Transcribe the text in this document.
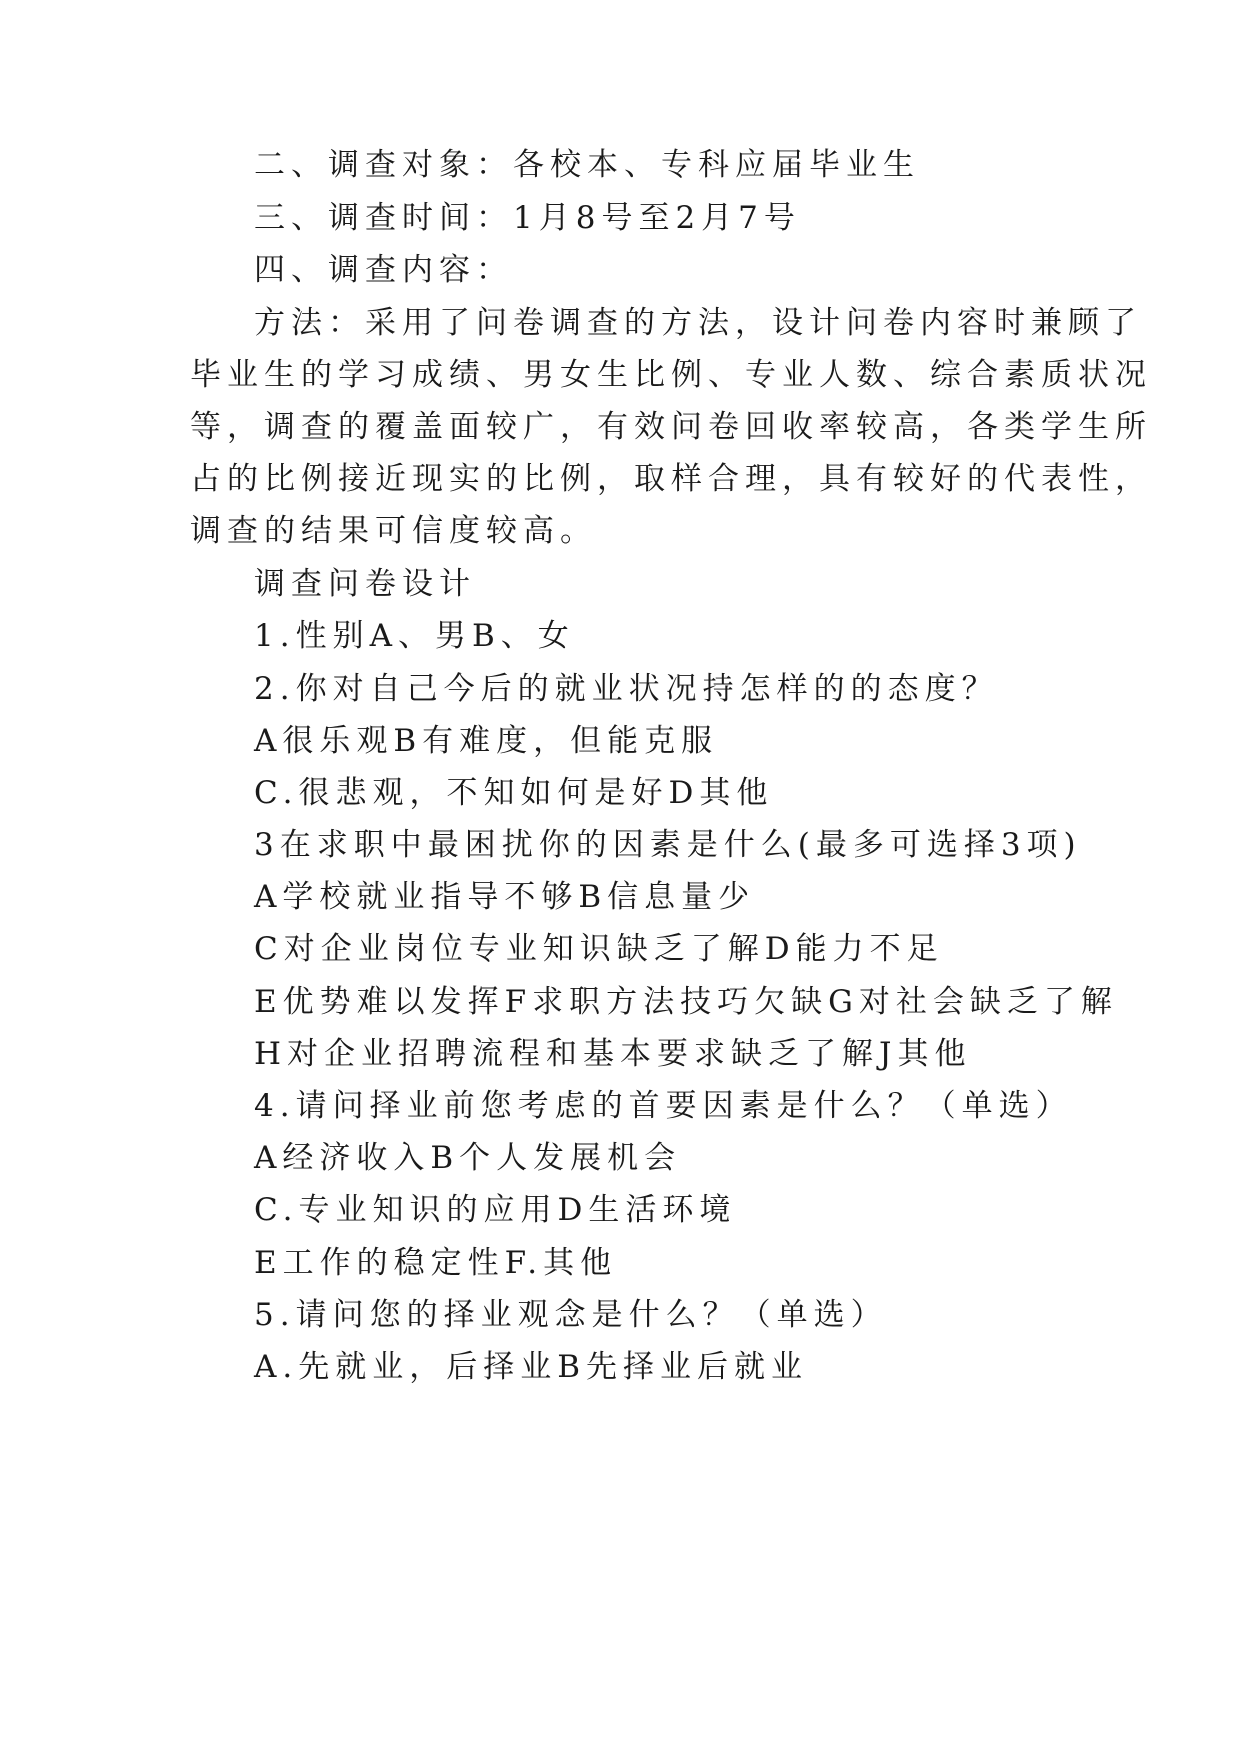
二、调查对象：各校本、专科应届毕业生
三、调查时间：1月8号至2月7号
四、调查内容：
方法：采用了问卷调查的方法，设计问卷内容时兼顾了
毕业生的学习成绩、男女生比例、专业人数、综合素质状况
等，调查的覆盖面较广，有效问卷回收率较高，各类学生所
占的比例接近现实的比例，取样合理，具有较好的代表性，
调查的结果可信度较高。
调查问卷设计
1.性别A、男B、女
2.你对自己今后的就业状况持怎样的的态度？
A很乐观B有难度，但能克服
C.很悲观，不知如何是好D其他
3在求职中最困扰你的因素是什么(最多可选择3项)
A学校就业指导不够B信息量少
C对企业岗位专业知识缺乏了解D能力不足
E优势难以发挥F求职方法技巧欠缺G对社会缺乏了解
H对企业招聘流程和基本要求缺乏了解J其他
4.请问择业前您考虑的首要因素是什么？（单选）
A经济收入B个人发展机会
C.专业知识的应用D生活环境
E工作的稳定性F.其他
5.请问您的择业观念是什么？（单选）
A.先就业，后择业B先择业后就业
